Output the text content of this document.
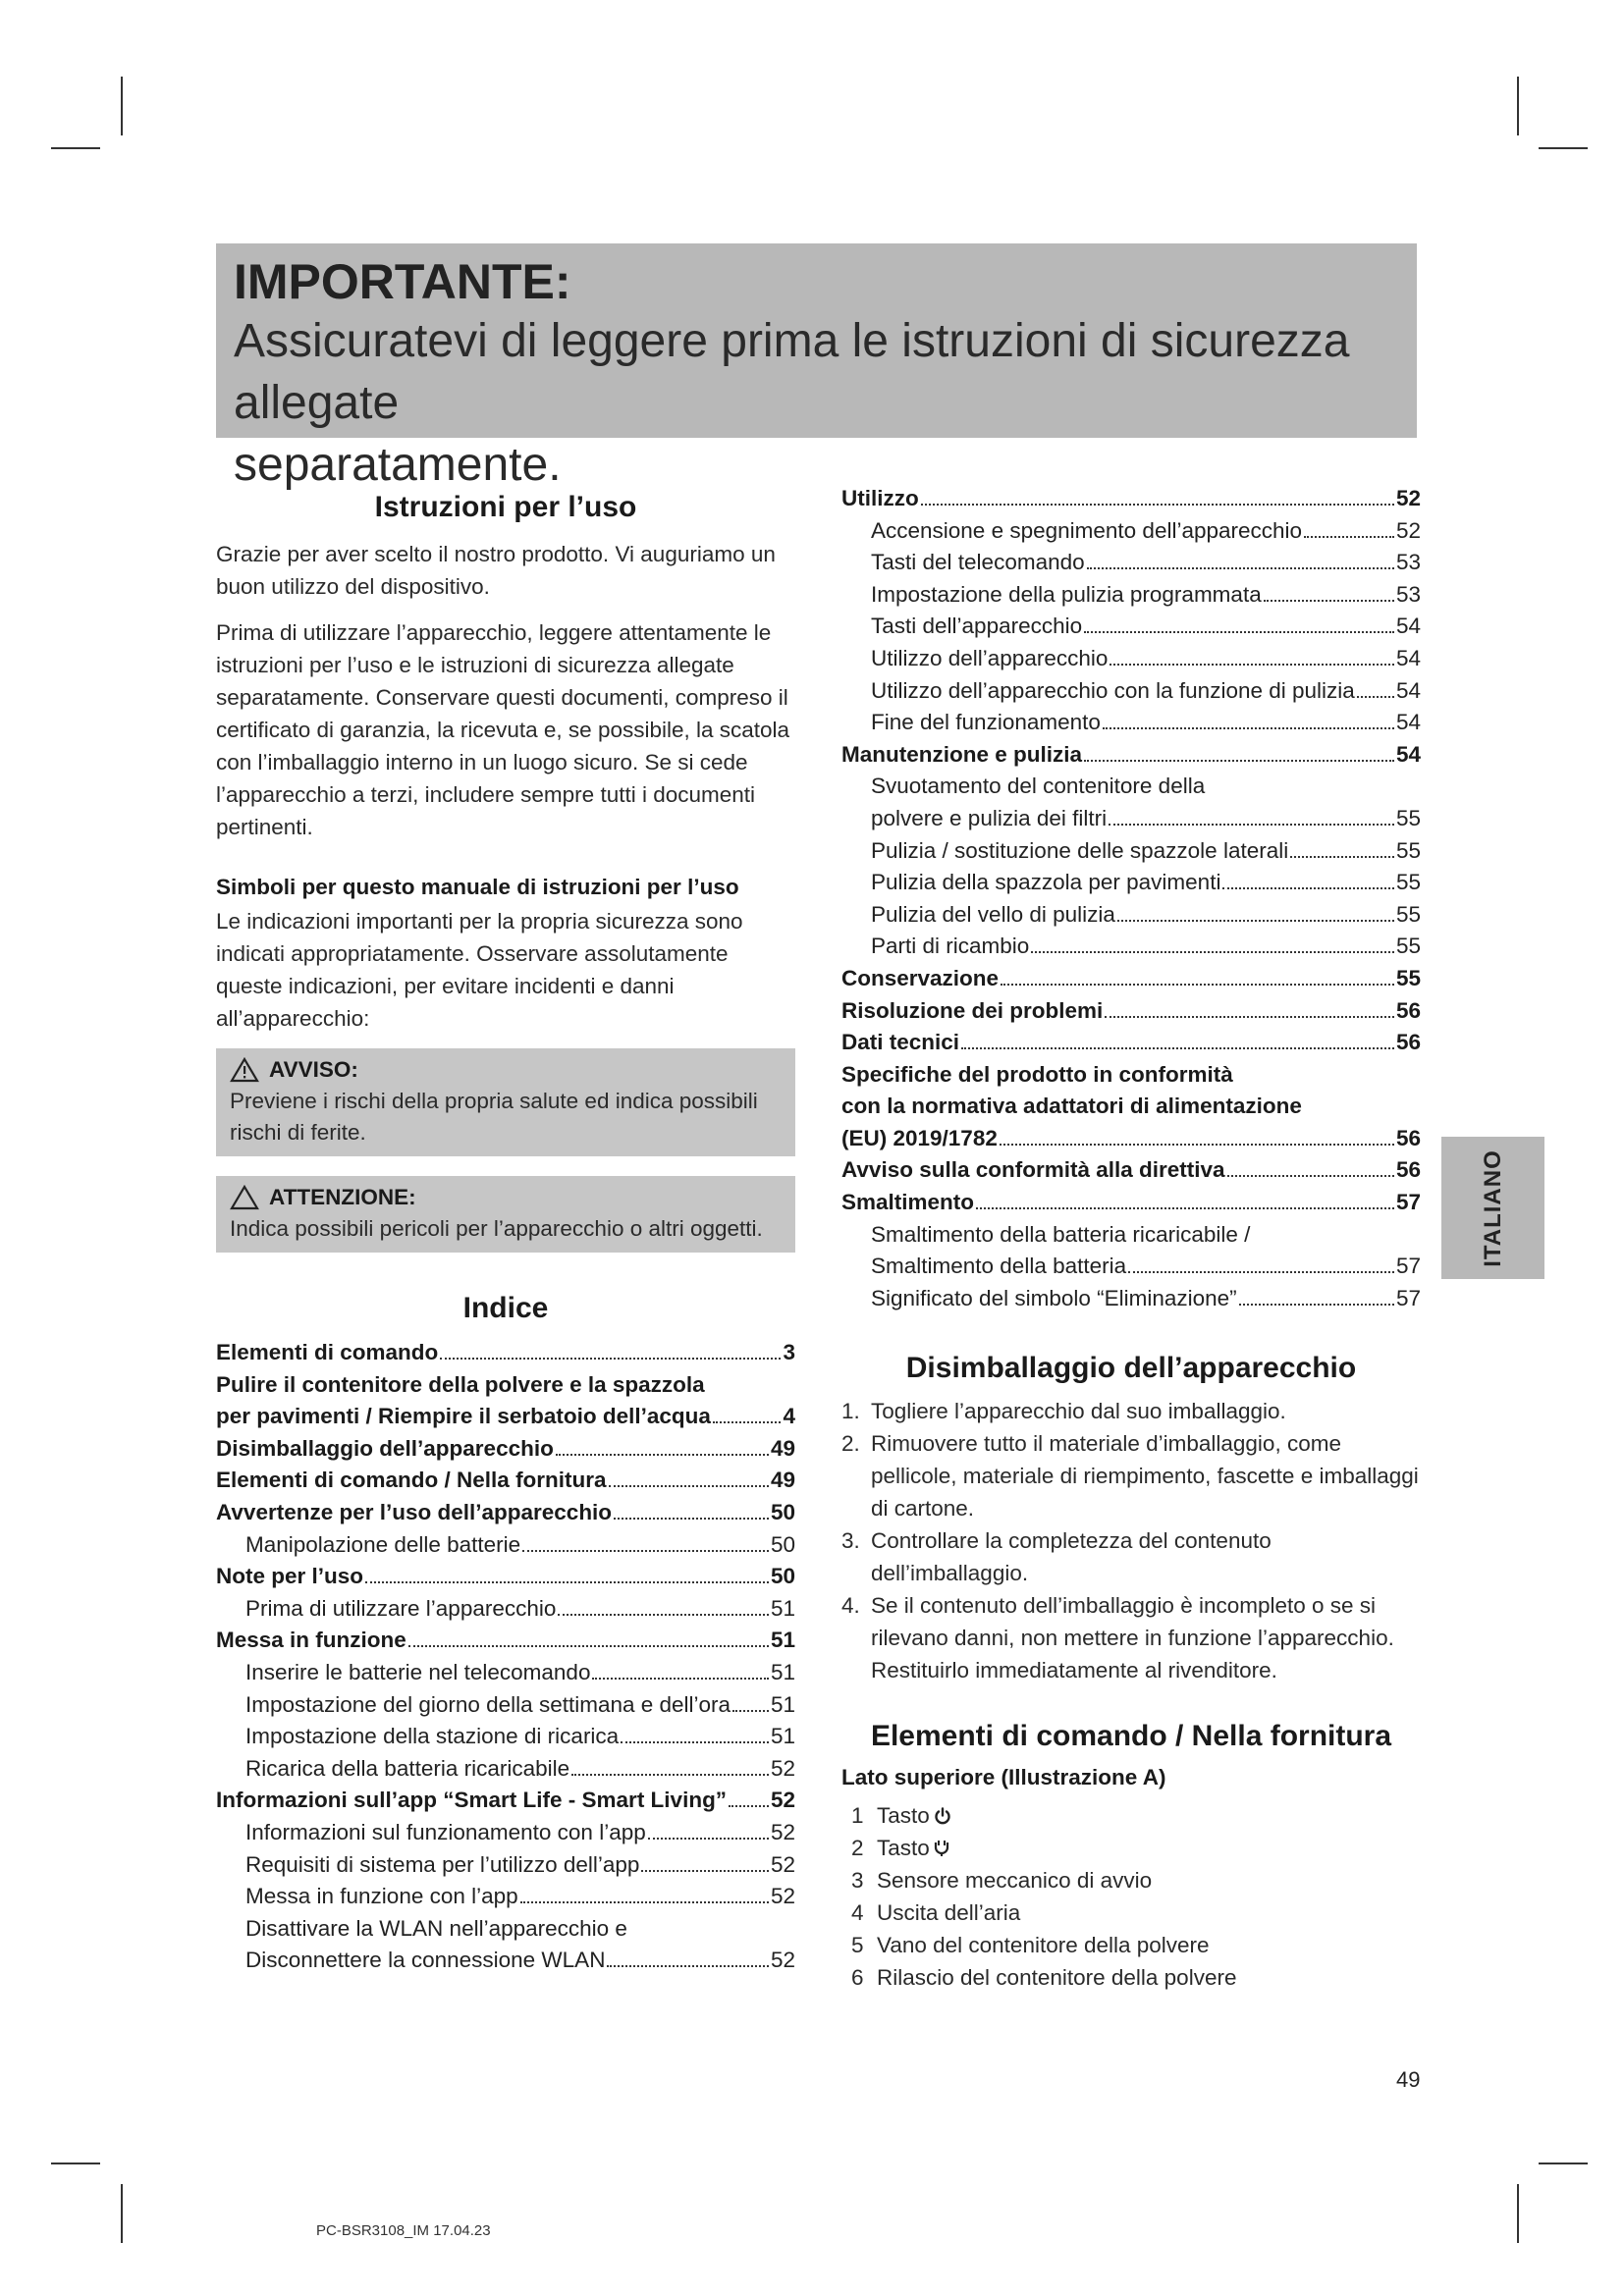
IMPORTANTE:
Assicuratevi di leggere prima le istruzioni di sicurezza allegate
separatamente.
Istruzioni per l’uso

Grazie per aver scelto il nostro prodotto. Vi auguriamo un buon utilizzo del dispositivo.

Prima di utilizzare l’apparecchio, leggere attentamente le istruzioni per l’uso e le istruzioni di sicurezza allegate separatamente. Conservare questi documenti, compreso il certificato di garanzia, la ricevuta e, se possibile, la scatola con l’imballaggio interno in un luogo sicuro. Se si cede l’apparecchio a terzi, includere sempre tutti i documenti pertinenti.

Simboli per questo manuale di istruzioni per l’uso

Le indicazioni importanti per la propria sicurezza sono indicati appropriatamente. Osservare assolutamente queste indicazioni, per evitare incidenti e danni all’apparecchio:

AVVISO:
Previene i rischi della propria salute ed indica possibili rischi di ferite.
ATTENZIONE:
Indica possibili pericoli per l’apparecchio o altri oggetti.
Indice
Elementi di comando	3
Pulire il contenitore della polvere e la spazzola
per pavimenti / Riempire il serbatoio dell’acqua	4
Disimballaggio dell’apparecchio	49
Elementi di comando / Nella fornitura	49
Avvertenze per l’uso dell’apparecchio	50
Manipolazione delle batterie	50
Note per l’uso	50
Prima di utilizzare l’apparecchio	51
Messa in funzione	51
Inserire le batterie nel telecomando	51
Impostazione del giorno della settimana e dell’ora 51
Impostazione della stazione di ricarica	51
Ricarica della batteria ricaricabile	52
Informazioni sull’app “Smart Life - Smart Living” 52
Informazioni sul funzionamento con l’app	52
Requisiti di sistema per l’utilizzo dell’app	52
Messa in funzione con l’app	52
Disattivare la WLAN nell’apparecchio e
Disconnettere la connessione WLAN	52
Utilizzo	52
Accensione e spegnimento dell’apparecchio	52
Tasti del telecomando	53
Impostazione della pulizia programmata	53
Tasti dell’apparecchio	54
Utilizzo dell’apparecchio	54
Utilizzo dell’apparecchio con la funzione di pulizia 54
Fine del funzionamento	54
Manutenzione e pulizia	54
Svuotamento del contenitore della
polvere e pulizia dei filtri	55
Pulizia / sostituzione delle spazzole laterali	55
Pulizia della spazzola per pavimenti	55
Pulizia del vello di pulizia	55
Parti di ricambio	55
Conservazione	55
Risoluzione dei problemi	56
Dati tecnici	56
Specifiche del prodotto in conformità
con la normativa adattatori di alimentazione
(EU) 2019/1782	56
Avviso sulla conformità alla direttiva	56
Smaltimento	57
Smaltimento della batteria ricaricabile /
Smaltimento della batteria	57
Significato del simbolo “Eliminazione”	57
Disimballaggio dell’apparecchio
1. Togliere l’apparecchio dal suo imballaggio.
2. Rimuovere tutto il materiale d’imballaggio, come pellicole, materiale di riempimento, fascette e imballaggi di cartone.
3. Controllare la completezza del contenuto dell’imballaggio.
4. Se il contenuto dell’imballaggio è incompleto o se si rilevano danni, non mettere in funzione l’apparecchio. Restituirlo immediatamente al rivenditore.
Elementi di comando / Nella fornitura
Lato superiore (Illustrazione A)
1 Tasto
2 Tasto
3 Sensore meccanico di avvio
4 Uscita dell’aria
5 Vano del contenitore della polvere
6 Rilascio del contenitore della polvere
ITALIANO
49
PC-BSR3108_IM 17.04.23
